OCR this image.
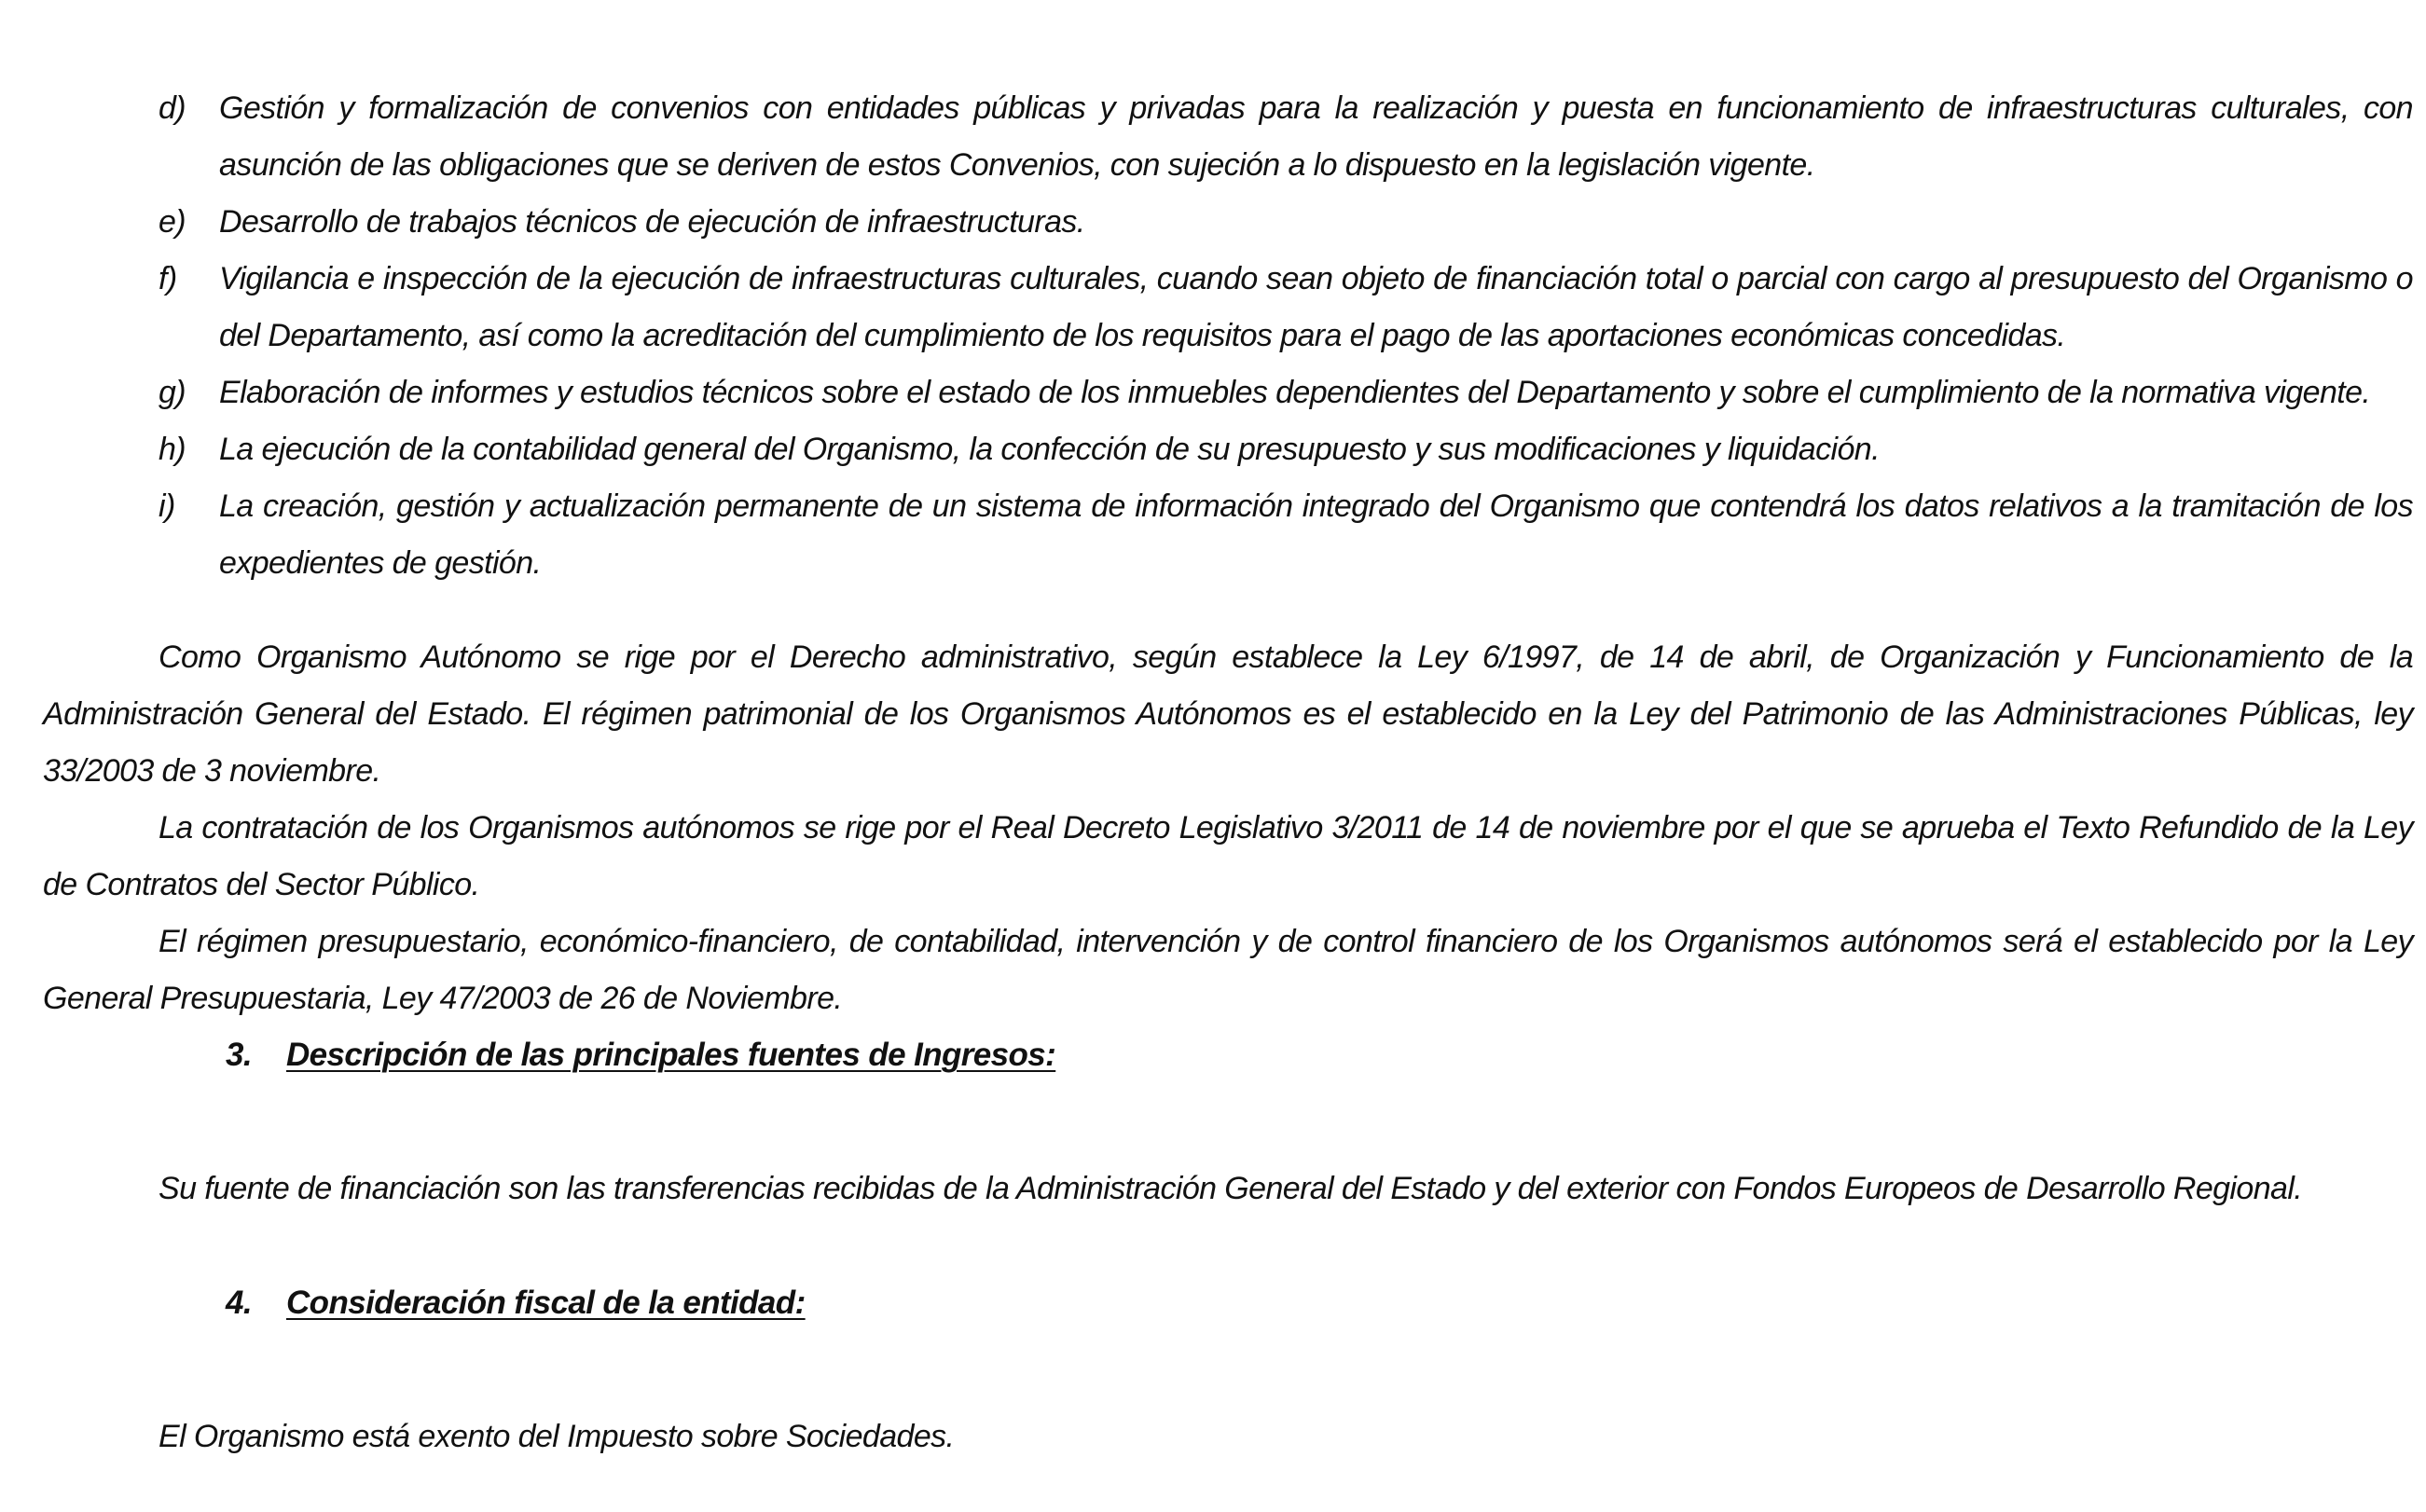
d)	Gestión y formalización de convenios con entidades públicas y privadas para la realización y puesta en funcionamiento de infraestructuras culturales, con asunción de las obligaciones que se deriven de estos Convenios, con sujeción a lo dispuesto en la legislación vigente.
e)	Desarrollo de trabajos técnicos de ejecución de infraestructuras.
f)	Vigilancia e inspección de la ejecución de infraestructuras culturales, cuando sean objeto de financiación total o parcial con cargo al presupuesto del Organismo o del Departamento, así como la acreditación del cumplimiento de los requisitos para el pago de las aportaciones económicas concedidas.
g)	Elaboración de informes y estudios técnicos sobre el estado de los inmuebles dependientes del Departamento y sobre el cumplimiento de la normativa vigente.
h)	La ejecución de la contabilidad general del Organismo, la confección de su presupuesto y sus modificaciones y liquidación.
i)	La creación, gestión y actualización permanente de un sistema de información integrado del Organismo que contendrá los datos relativos a la tramitación de los expedientes de gestión.

Como Organismo Autónomo se rige por el Derecho administrativo, según establece la Ley 6/1997, de 14 de abril, de Organización y Funcionamiento de la Administración General del Estado. El régimen patrimonial de los Organismos Autónomos es el establecido en la Ley del Patrimonio de las Administraciones Públicas, ley 33/2003 de 3 noviembre.

La contratación de los Organismos autónomos se rige por el Real Decreto Legislativo 3/2011 de 14 de noviembre por el que se aprueba el Texto Refundido de la Ley de Contratos del Sector Público.

El régimen presupuestario, económico-financiero, de contabilidad, intervención y de control financiero de los Organismos autónomos será el establecido por la Ley General Presupuestaria, Ley 47/2003 de 26 de Noviembre.

3. Descripción de las principales fuentes de Ingresos:
Su fuente de financiación son las transferencias recibidas de la Administración General del Estado y del exterior con Fondos Europeos de Desarrollo Regional.
4. Consideración fiscal de la entidad:
El Organismo está exento del Impuesto sobre Sociedades.
